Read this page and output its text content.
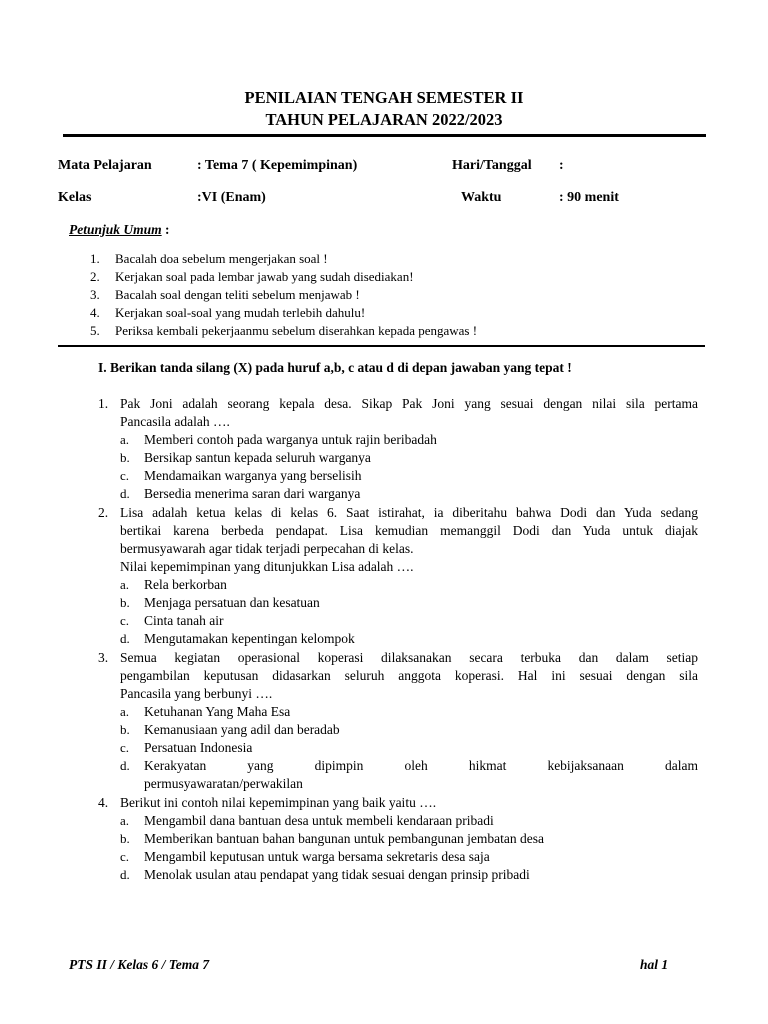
PENILAIAN TENGAH SEMESTER II
TAHUN PELAJARAN 2022/2023
Mata Pelajaran	: Tema 7 ( Kepemimpinan)	Hari/Tanggal :
Kelas	:VI (Enam)	Waktu	: 90 menit
Petunjuk Umum :
1. Bacalah doa sebelum mengerjakan soal !
2. Kerjakan soal pada lembar jawab yang sudah disediakan!
3. Bacalah soal dengan teliti sebelum menjawab !
4. Kerjakan soal-soal yang mudah terlebih dahulu!
5. Periksa kembali pekerjaanmu sebelum diserahkan kepada pengawas !
I. Berikan tanda silang (X) pada huruf a,b, c atau d di depan jawaban yang tepat !
1. Pak Joni adalah seorang kepala desa. Sikap Pak Joni yang sesuai dengan nilai sila pertama
Pancasila adalah ….
a. Memberi contoh pada warganya untuk rajin beribadah
b. Bersikap santun kepada seluruh warganya
c. Mendamaikan warganya yang berselisih
d. Bersedia menerima saran dari warganya
2. Lisa adalah ketua kelas di kelas 6. Saat istirahat, ia diberitahu bahwa Dodi dan Yuda sedang
bertikai karena berbeda pendapat. Lisa kemudian memanggil Dodi dan Yuda untuk diajak
bermusyawarah agar tidak terjadi perpecahan di kelas.
Nilai kepemimpinan yang ditunjukkan Lisa adalah ….
a. Rela berkorban
b. Menjaga persatuan dan kesatuan
c. Cinta tanah air
d. Mengutamakan kepentingan kelompok
3. Semua kegiatan operasional koperasi dilaksanakan secara terbuka dan dalam setiap
pengambilan keputusan didasarkan seluruh anggota koperasi. Hal ini sesuai dengan sila
Pancasila yang berbunyi ….
a. Ketuhanan Yang Maha Esa
b. Kemanusiaan yang adil dan beradab
c. Persatuan Indonesia
d. Kerakyatan yang dipimpin oleh hikmat kebijaksanaan dalam
permusyawaratan/perwakilan
4. Berikut ini contoh nilai kepemimpinan yang baik yaitu ….
a. Mengambil dana bantuan desa untuk membeli kendaraan pribadi
b. Memberikan bantuan bahan bangunan untuk pembangunan jembatan desa
c. Mengambil keputusan untuk warga bersama sekretaris desa saja
d. Menolak usulan atau pendapat yang tidak sesuai dengan prinsip pribadi
PTS II / Kelas 6 / Tema 7	hal 1
